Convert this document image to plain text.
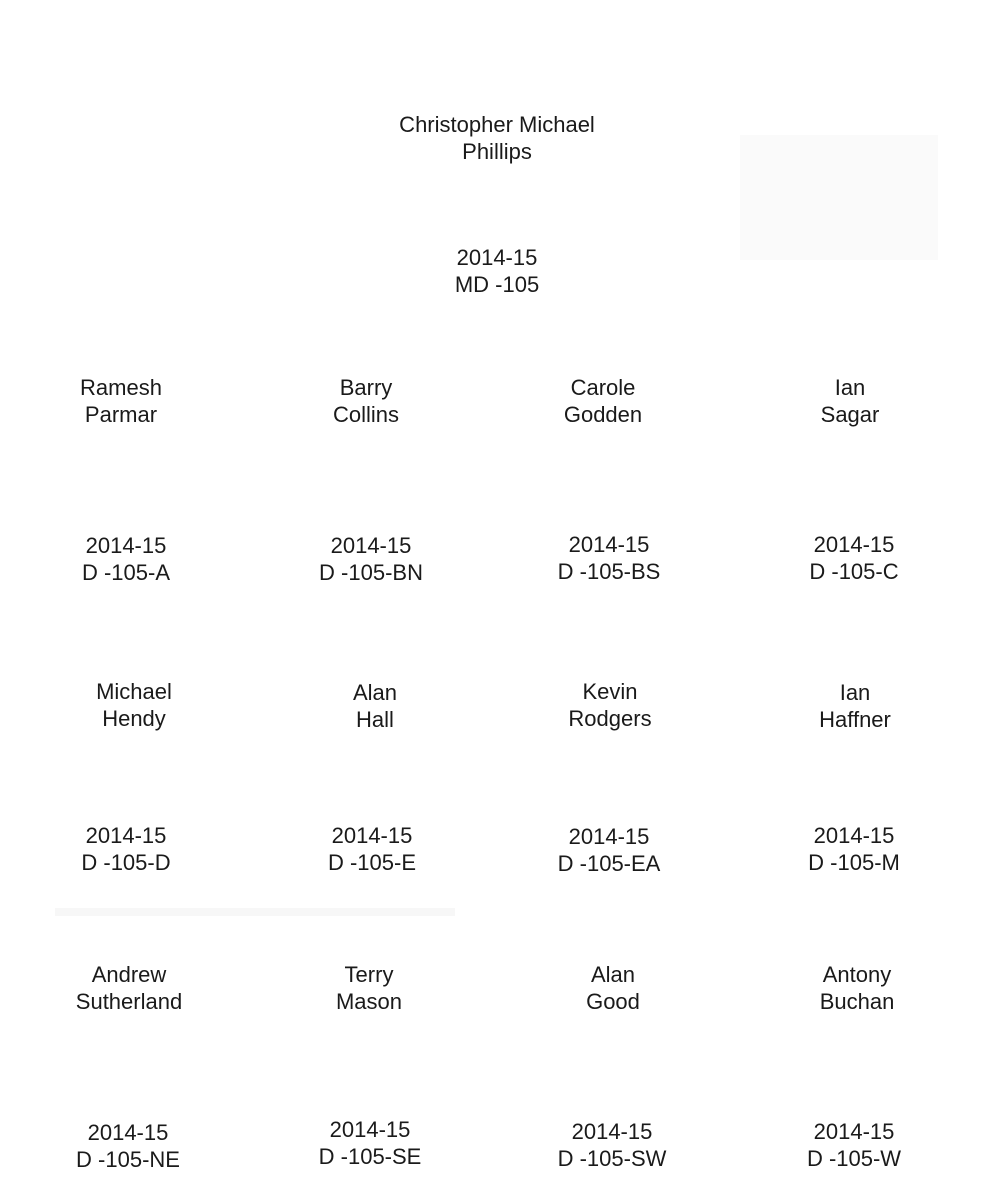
Christopher Michael
Phillips
2014-15
MD -105
Ramesh
Parmar
Barry
Collins
Carole
Godden
Ian
Sagar
2014-15
D -105-A
2014-15
D -105-BN
2014-15
D -105-BS
2014-15
D -105-C
Michael
Hendy
Alan
Hall
Kevin
Rodgers
Ian
Haffner
2014-15
D -105-D
2014-15
D -105-E
2014-15
D -105-EA
2014-15
D -105-M
Andrew
Sutherland
Terry
Mason
Alan
Good
Antony
Buchan
2014-15
D -105-NE
2014-15
D -105-SE
2014-15
D -105-SW
2014-15
D -105-W
